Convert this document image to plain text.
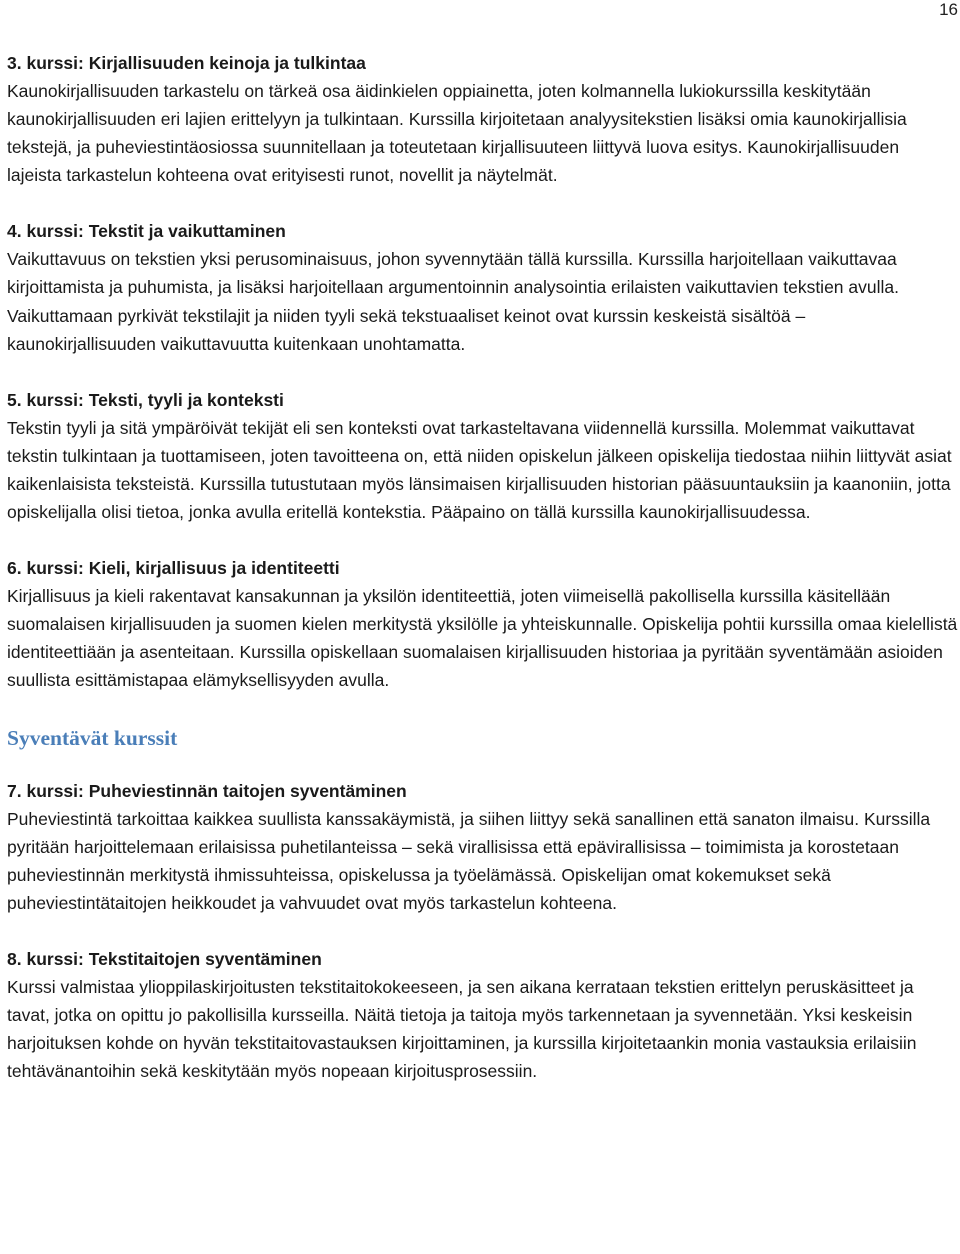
16

3. kurssi: Kirjallisuuden keinoja ja tulkintaa

Kaunokirjallisuuden tarkastelu on tärkeä osa äidinkielen oppiainetta, joten kolmannella lukiokurssilla keskitytään kaunokirjallisuuden eri lajien erittelyyn ja tulkintaan. Kurssilla kirjoitetaan analyysitekstien lisäksi omia kaunokirjallisia tekstejä, ja puheviestintäosiossa suunnitellaan ja toteutetaan kirjallisuuteen liittyvä luova esitys. Kaunokirjallisuuden lajeista tarkastelun kohteena ovat erityisesti runot, novellit ja näytelmät.

4. kurssi: Tekstit ja vaikuttaminen

Vaikuttavuus on tekstien yksi perusominaisuus, johon syvennytään tällä kurssilla. Kurssilla harjoitellaan vaikuttavaa kirjoittamista ja puhumista, ja lisäksi harjoitellaan argumentoinnin analysointia erilaisten vaikuttavien tekstien avulla. Vaikuttamaan pyrkivät tekstilajit ja niiden tyyli sekä tekstuaaliset keinot ovat kurssin keskeistä sisältöä – kaunokirjallisuuden vaikuttavuutta kuitenkaan unohtamatta.

5. kurssi: Teksti, tyyli ja konteksti

Tekstin tyyli ja sitä ympäröivät tekijät eli sen konteksti ovat tarkasteltavana viidennellä kurssilla. Molemmat vaikuttavat tekstin tulkintaan ja tuottamiseen, joten tavoitteena on, että niiden opiskelun jälkeen opiskelija tiedostaa niihin liittyvät asiat kaikenlaisista teksteistä. Kurssilla tutustutaan myös länsimaisen kirjallisuuden historian pääsuuntauksiin ja kaanoniin, jotta opiskelijalla olisi tietoa, jonka avulla eritellä kontekstia. Pääpaino on tällä kurssilla kaunokirjallisuudessa.

6. kurssi: Kieli, kirjallisuus ja identiteetti

Kirjallisuus ja kieli rakentavat kansakunnan ja yksilön identiteettiä, joten viimeisellä pakollisella kurssilla käsitellään suomalaisen kirjallisuuden ja suomen kielen merkitystä yksilölle ja yhteiskunnalle. Opiskelija pohtii kurssilla omaa kielellistä identiteettiään ja asenteitaan. Kurssilla opiskellaan suomalaisen kirjallisuuden historiaa ja pyritään syventämään asioiden suullista esittämistapaa elämyksellisyyden avulla.

Syventävät kurssit

7. kurssi: Puheviestinnän taitojen syventäminen

Puheviestintä tarkoittaa kaikkea suullista kanssakäymistä, ja siihen liittyy sekä sanallinen että sanaton ilmaisu. Kurssilla pyritään harjoittelemaan erilaisissa puhetilanteissa – sekä virallisissa että epävirallisissa – toimimista ja korostetaan puheviestinnän merkitystä ihmissuhteissa, opiskelussa ja työelämässä. Opiskelijan omat kokemukset sekä puheviestintätaitojen heikkoudet ja vahvuudet ovat myös tarkastelun kohteena.

8. kurssi: Tekstitaitojen syventäminen

Kurssi valmistaa ylioppilaskirjoitusten tekstitaitokokeeseen, ja sen aikana kerrataan tekstien erittelyn peruskäsitteet ja tavat, jotka on opittu jo pakollisilla kursseilla. Näitä tietoja ja taitoja myös tarkennetaan ja syvennetään. Yksi keskeisin harjoituksen kohde on hyvän tekstitaitovastauksen kirjoittaminen, ja kurssilla kirjoitetaankin monia vastauksia erilaisiin tehtävänantoihin sekä keskitytään myös nopeaan kirjoitusprosessiin.
